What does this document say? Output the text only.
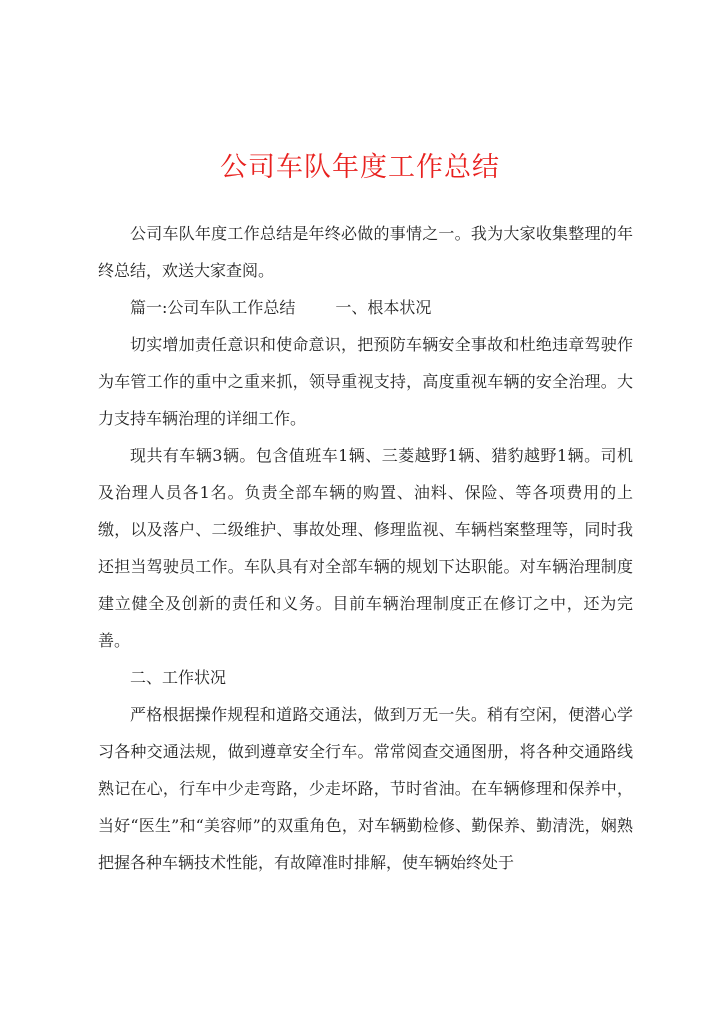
公司车队年度工作总结

公司车队年度工作总结是年终必做的事情之一。我为大家收集整理的年终总结，欢送大家查阅。

篇一:公司车队工作总结	一、根本状况

切实增加责任意识和使命意识，把预防车辆安全事故和杜绝违章驾驶作为车管工作的重中之重来抓，领导重视支持，高度重视车辆的安全治理。大力支持车辆治理的详细工作。

现共有车辆3辆。包含值班车1辆、三菱越野1辆、猎豹越野1辆。司机及治理人员各1名。负责全部车辆的购置、油料、保险、等各项费用的上缴，以及落户、二级维护、事故处理、修理监视、车辆档案整理等，同时我还担当驾驶员工作。车队具有对全部车辆的规划下达职能。对车辆治理制度建立健全及创新的责任和义务。目前车辆治理制度正在修订之中，还为完善。

二、工作状况

严格根据操作规程和道路交通法，做到万无一失。稍有空闲，便潜心学习各种交通法规，做到遵章安全行车。常常阅查交通图册，将各种交通路线熟记在心，行车中少走弯路，少走坏路，节时省油。在车辆修理和保养中，当好“医生”和“美容师”的双重角色，对车辆勤检修、勤保养、勤清洗，娴熟把握各种车辆技术性能，有故障准时排解，使车辆始终处于
